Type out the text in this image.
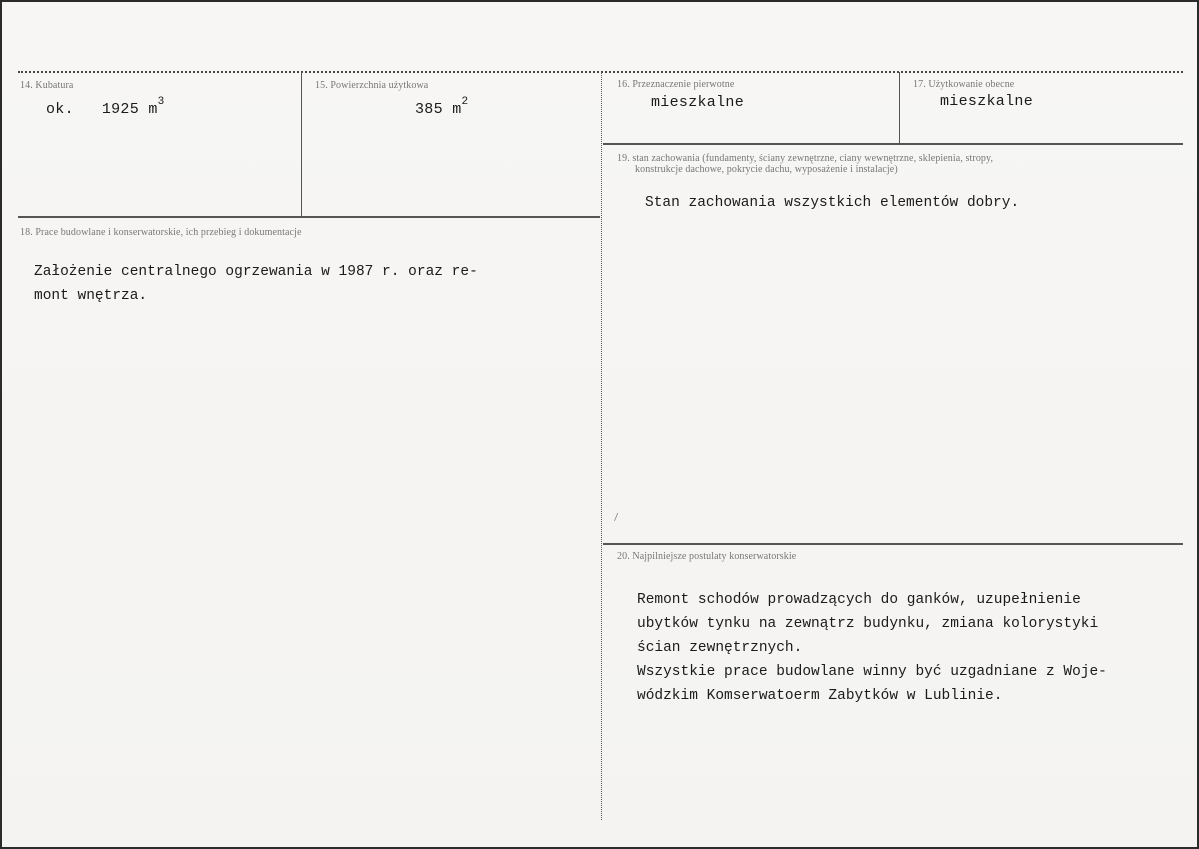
14. Kubatura
ok. 1925 $m^3$
15. Powierzchnia użytkowa
385 $m^2$
16. Przeznaczenie pierwotne
mieszkalne
17. Użytkowanie obecne
mieszkalne
18. Prace budowlane i konserwatorskie, ich przebieg i dokumentacje
Założenie centralnego ogrzewania w 1987 r. oraz re-
mont wnętrza.
19. stan zachowania (fundamenty, ściany zewnętrzne, ciany wewnętrzne, sklepienia, stropy,
konstrukcje dachowe, pokrycie dachu, wyposażenie i instalacje)
Stan zachowania wszystkich elementów dobry.
20. Najpilniejsze postulaty konserwatorskie
Remont schodów prowadzących do ganków, uzupełnienie
ubytków tynku na zewnątrz budynku, zmiana kolorystyki
ścian zewnętrznych.
Wszystkie prace budowlane winny być uzgadniane z Woje-
wódzkim Komserwatoerm Zabytków w Lublinie.
\
